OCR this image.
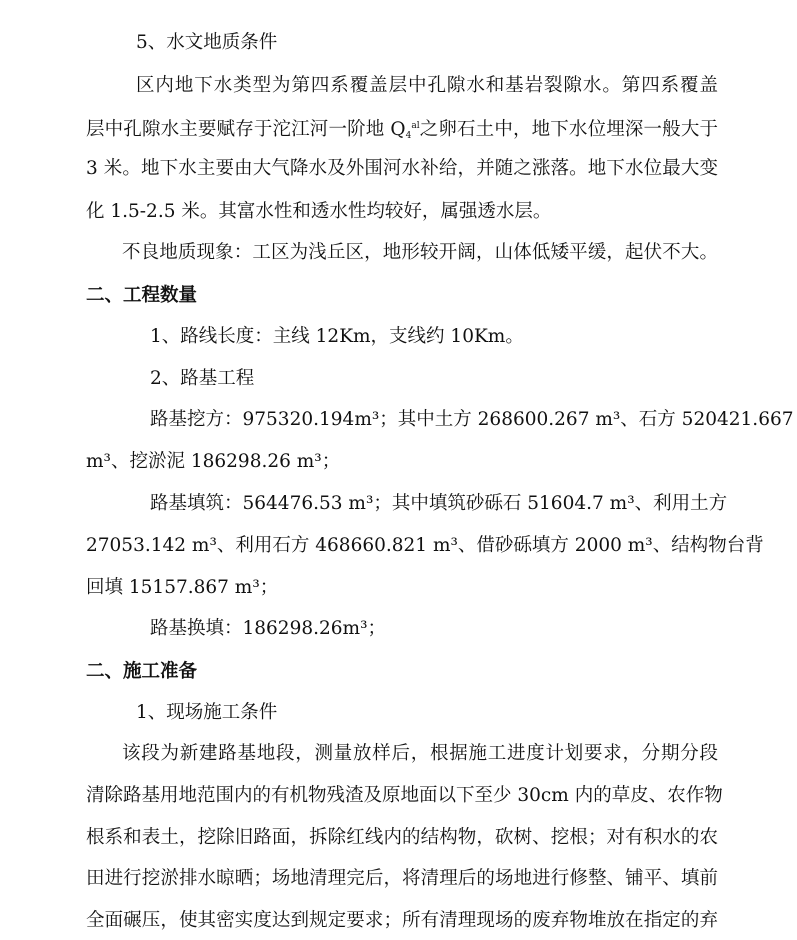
5、水文地质条件
区内地下水类型为第四系覆盖层中孔隙水和基岩裂隙水。第四系覆盖
层中孔隙水主要赋存于沱江河一阶地 $Q_4^{al}$之卵石土中，地下水位埋深一般大于
3 米。地下水主要由大气降水及外围河水补给，并随之涨落。地下水位最大变
化 1.5-2.5 米。其富水性和透水性均较好，属强透水层。
不良地质现象：工区为浅丘区，地形较开阔，山体低矮平缓，起伏不大。
二、工程数量
1、路线长度：主线 12Km，支线约 10Km。
2、路基工程
路基挖方：975320.194m³；其中土方 268600.267 m³、石方 520421.667
m³、挖淤泥 186298.26 m³；
路基填筑：564476.53 m³；其中填筑砂砾石 51604.7 m³、利用土方
27053.142 m³、利用石方 468660.821 m³、借砂砾填方 2000 m³、结构物台背
回填 15157.867 m³；
路基换填：186298.26m³；
二、施工准备
1、现场施工条件
该段为新建路基地段，测量放样后，根据施工进度计划要求，分期分段
清除路基用地范围内的有机物残渣及原地面以下至少 30cm 内的草皮、农作物
根系和表土，挖除旧路面，拆除红线内的结构物，砍树、挖根；对有积水的农
田进行挖淤排水晾晒；场地清理完后，将清理后的场地进行修整、铺平、填前
全面碾压，使其密实度达到规定要求；所有清理现场的废弃物堆放在指定的弃
